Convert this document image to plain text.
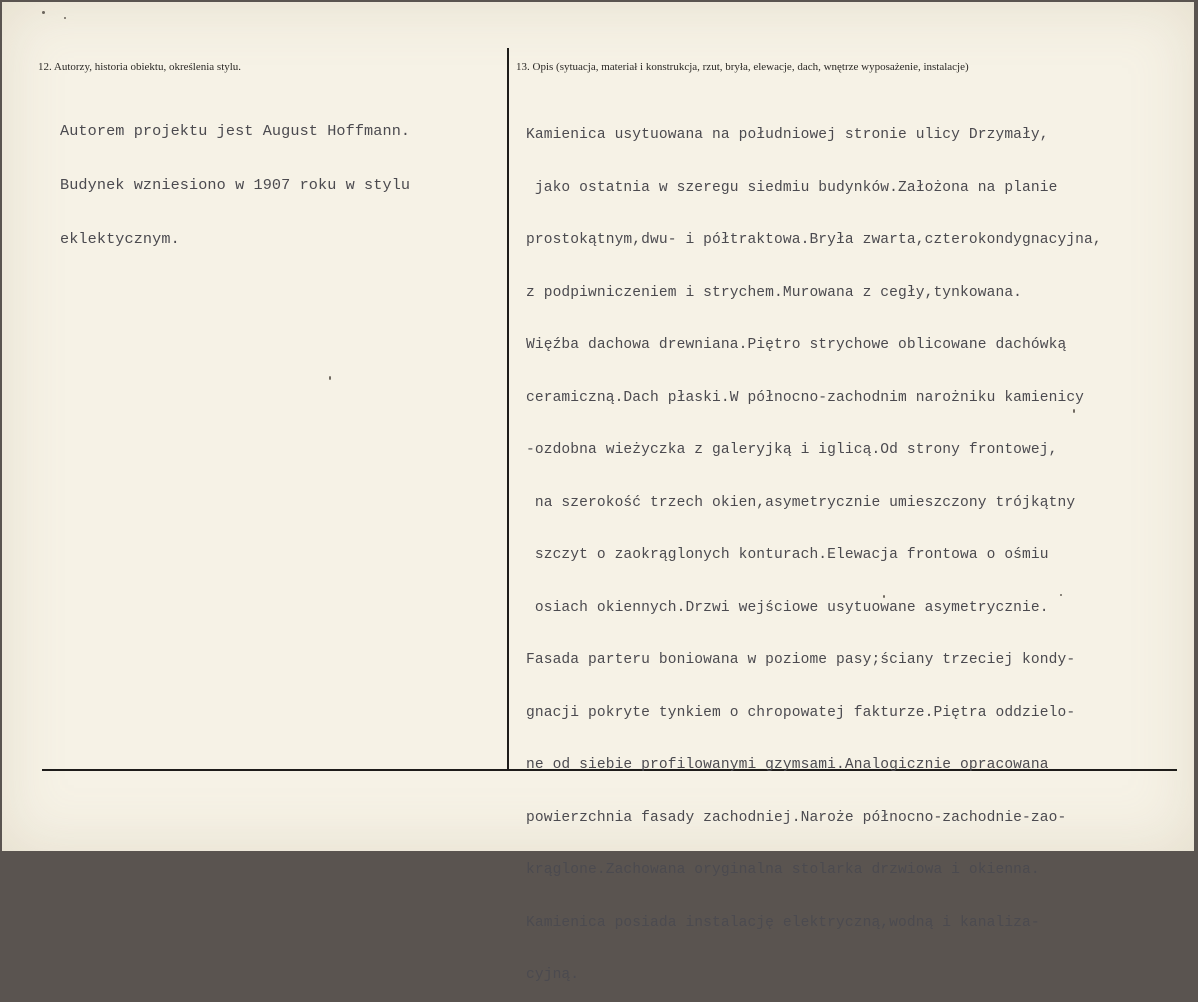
12. Autorzy, historia obiektu, określenia stylu.

Autorem projektu jest August Hoffmann.

Budynek wzniesiono w 1907 roku w stylu

eklektycznym.

13. Opis (sytuacja, materiał i konstrukcja, rzut, bryła, elewacje, dach, wnętrze wyposażenie, instalacje)

Kamienica usytuowana na południowej stronie ulicy Drzymały,

jako ostatnia w szeregu siedmiu budynków.Założona na planie

prostokątnym,dwu- i półtraktowa.Bryła zwarta,czterokondygnacyjna,

z podpiwniczeniem i strychem.Murowana z cegły,tynkowana.

Więźba dachowa drewniana.Piętro strychowe oblicowane dachówką

ceramiczną.Dach płaski.W północno-zachodnim narożniku kamienicy

-ozdobna wieżyczka z galeryjką i iglicą.Od strony frontowej,

na szerokość trzech okien,asymetrycznie umieszczony trójkątny

szczyt o zaokrąglonych konturach.Elewacja frontowa o ośmiu

osiach okiennych.Drzwi wejściowe usytuowane asymetrycznie.

Fasada parteru boniowana w poziome pasy;ściany trzeciej kondy-

gnacji pokryte tynkiem o chropowatej fakturze.Piętra oddzielo-

ne od siebie profilowanymi gzymsami.Analogicznie opracowana

powierzchnia fasady zachodniej.Naroże północno-zachodnie-zao-

krąglone.Zachowana oryginalna stolarka drzwiowa i okienna.

Kamienica posiada instalację elektryczną,wodną i kanaliza-

cyjną.
